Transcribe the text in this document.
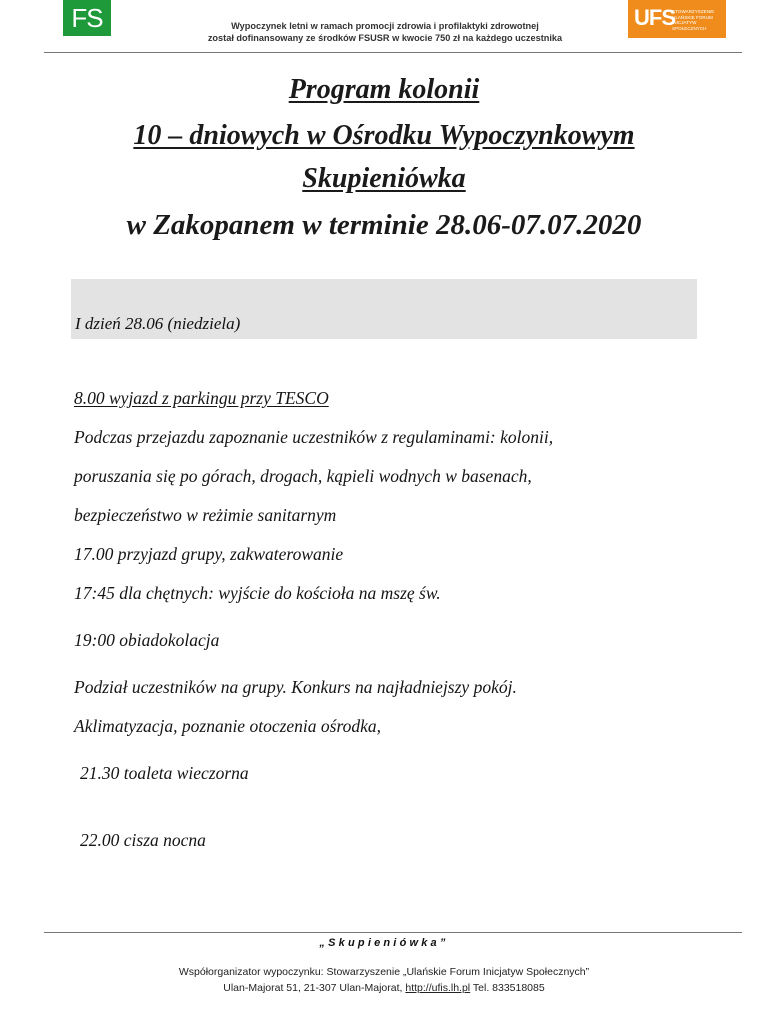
FS	Wypoczynek letni w ramach promocji zdrowia i profilaktyki zdrowotnej
został dofinansowany ze środków FSUSR w kwocie 750 zł na każdego uczestnika
UFS
STOWARZYSZENIE ULAŃSKIE FORUM INICJATYW SPOŁECZNYCH
Program kolonii
10 – dniowych w Ośrodku Wypoczynkowym
Skupieniówka
w Zakopanem w terminie 28.06-07.07.2020
I dzień 28.06 (niedziela)
8.00 wyjazd z parkingu przy TESCO
Podczas przejazdu zapoznanie uczestników z regulaminami: kolonii,
poruszania się po górach, drogach, kąpieli wodnych w basenach,
bezpieczeństwo w reżimie sanitarnym
17.00 przyjazd grupy, zakwaterowanie
17:45 dla chętnych: wyjście do kościoła na mszę św.
19:00 obiadokolacja
Podział uczestników na grupy. Konkurs na najładniejszy pokój.
Aklimatyzacja, poznanie otoczenia ośrodka,
21.30 toaleta wieczorna
22.00 cisza nocna
„Skupieniówka”
Współorganizator wypoczynku: Stowarzyszenie „Ulańskie Forum Inicjatyw Społecznych”
Ulan-Majorat 51, 21-307 Ulan-Majorat, http://ufis.lh.pl Tel. 833518085
